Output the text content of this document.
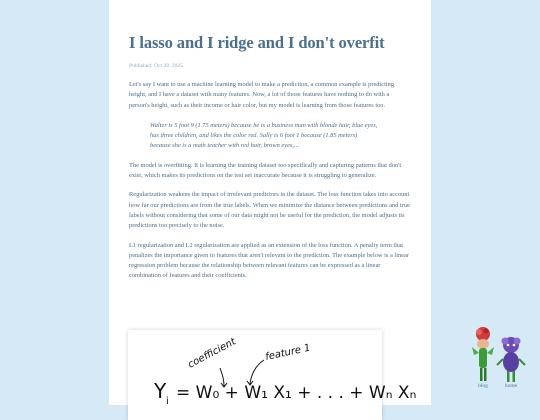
I lasso and I ridge and I don't overfit
Published: Oct 28, 2025

Let's say I want to use a machine learning model to make a prediction, a common example is predicting height, and I have a dataset with many features. Now, a lot of those features have nothing to do with a person's height, such as their income or hair color, but my model is learning from those features too.

Walter is 5 foot 9 (1.75 meters) because he is a business man with blonde hair, blue eyes, has three children, and likes the color red. Sally is 6 foot 1 because (1.85 meters) because she is a math teacher with red hair, brown eyes,...

The model is overfitting. It is learning the training dataset too specifically and capturing patterns that don't exist, which makes its predictions on the test set inaccurate because it is struggling to generalize.

Regularization weakens the impact of irrelevant predictors in the dataset. The loss function takes into account how far our predictions are from the true labels. When we minimize the distance between predictions and true labels without considering that some of our data might not be useful for the prediction, the model adjusts its predictions too precisely to the noise.

L1 regularization and L2 regularization are applied as an extension of the loss function. A penalty term that penalizes the importance given to features that aren't relevant to the prediction. The example below is a linear regression problem because the relationship between relevant features can be expressed as a linear combination of features and their coefficients.

coefficient	feature 1
Y i = W₀ + W₁ X₁ + . . . + Wₙ Xₙ	blog	home
